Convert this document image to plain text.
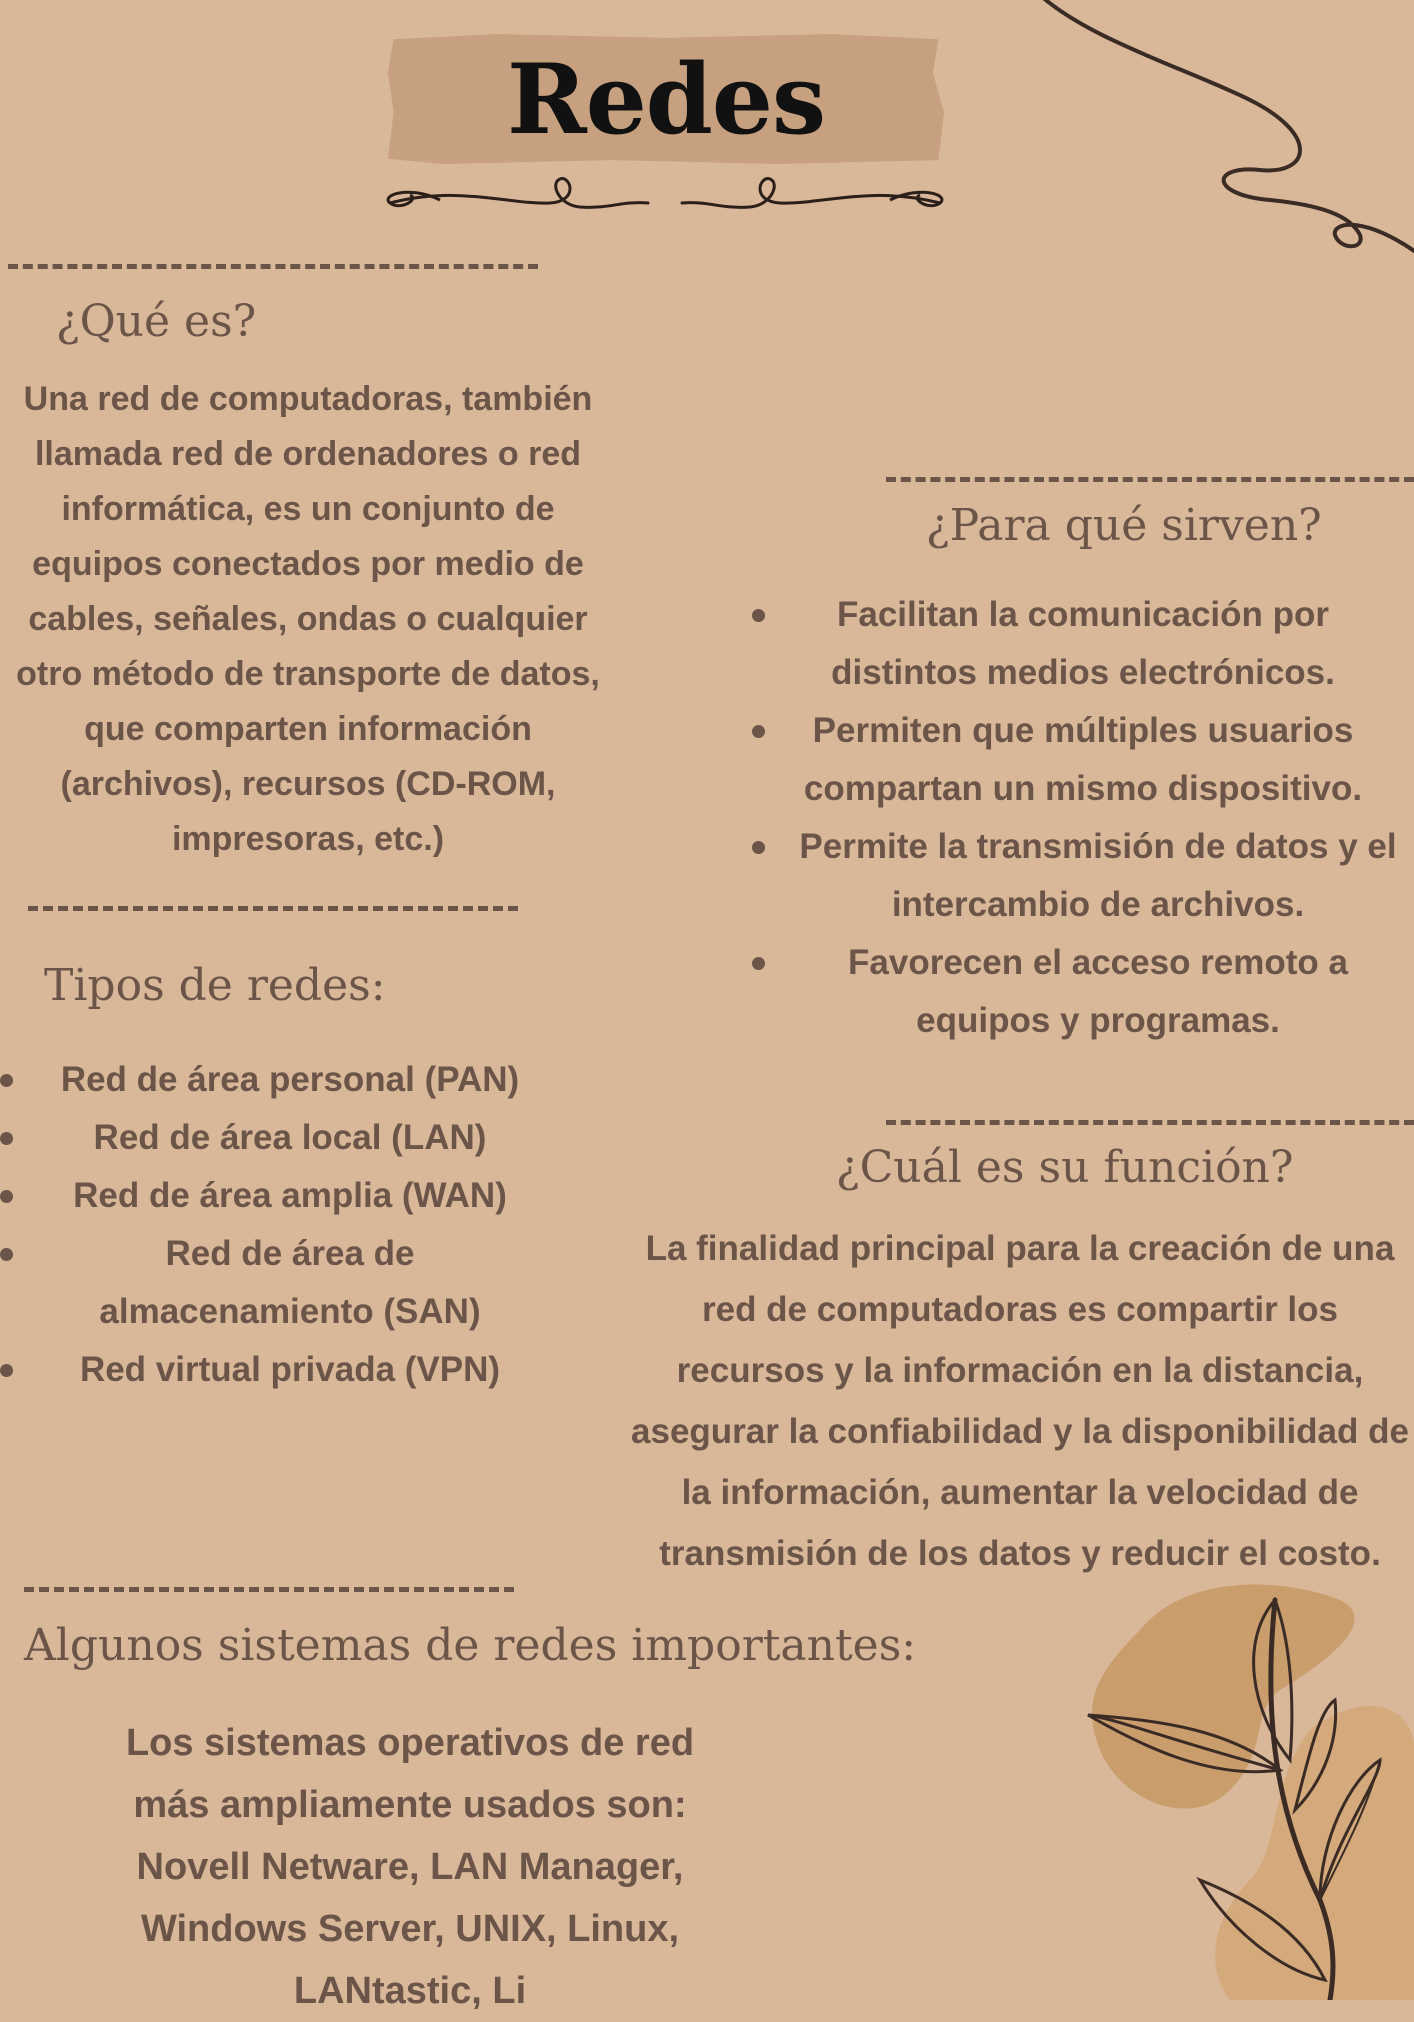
Redes
¿Qué es?
Una red de computadoras, también llamada red de ordenadores o red informática, es un conjunto de equipos conectados por medio de cables, señales, ondas o cualquier otro método de transporte de datos, que comparten información (archivos), recursos (CD-ROM, impresoras, etc.)
Tipos de redes:
Red de área personal (PAN)
Red de área local (LAN)
Red de área amplia (WAN)
Red de área de almacenamiento (SAN)
Red virtual privada (VPN)
¿Para qué sirven?
Facilitan la comunicación por distintos medios electrónicos.
Permiten que múltiples usuarios compartan un mismo dispositivo.
Permite la transmisión de datos y el intercambio de archivos.
Favorecen el acceso remoto a equipos y programas.
¿Cuál es su función?
La finalidad principal para la creación de una red de computadoras es compartir los recursos y la información en la distancia, asegurar la confiabilidad y la disponibilidad de la información, aumentar la velocidad de transmisión de los datos y reducir el costo.
Algunos sistemas de redes importantes:
Los sistemas operativos de red más ampliamente usados son: Novell Netware, LAN Manager, Windows Server, UNIX, Linux, LANtastic, Li
